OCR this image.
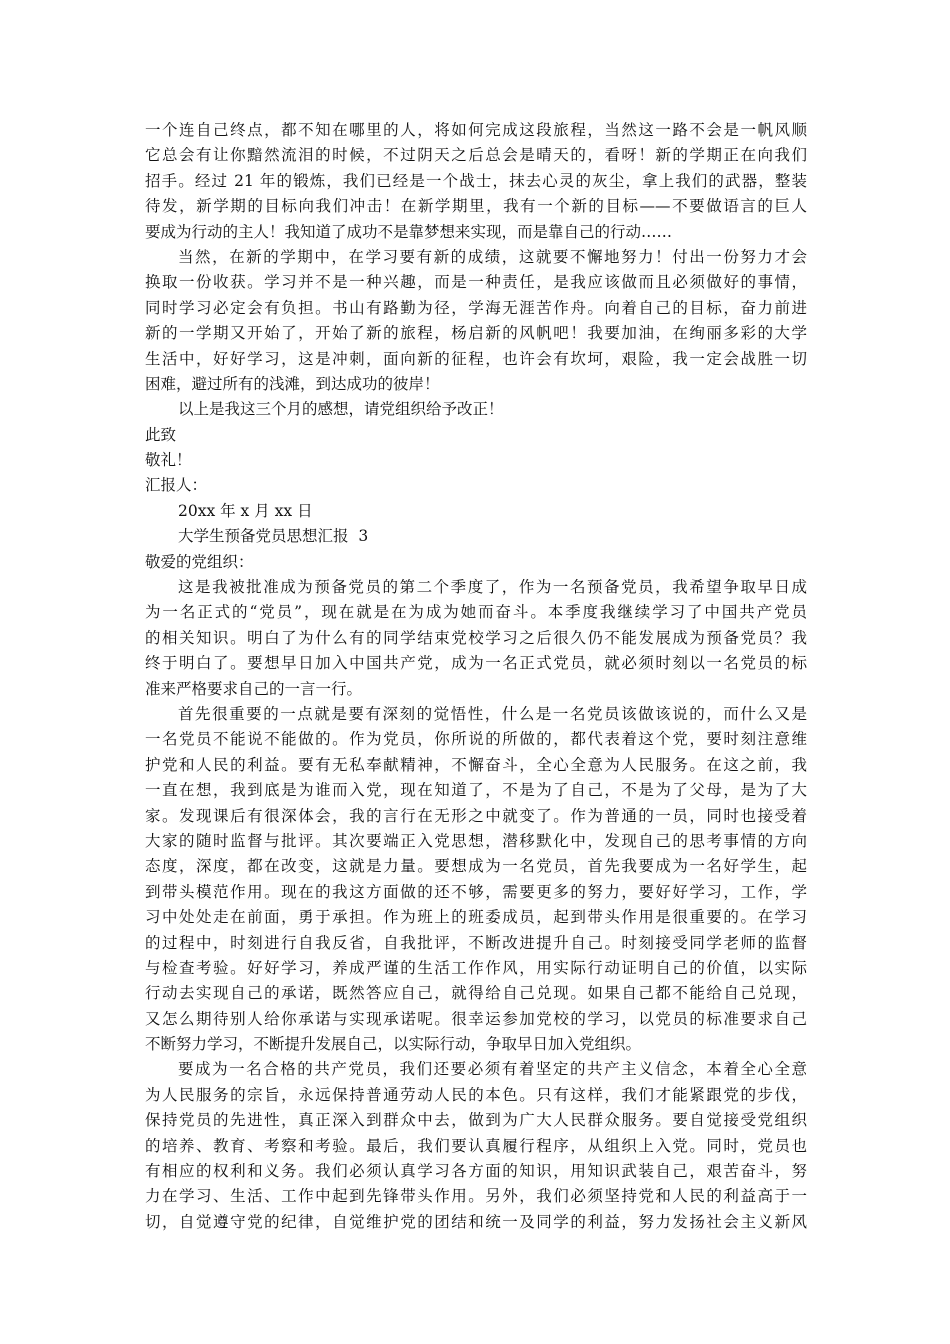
一个连自己终点，都不知在哪里的人，将如何完成这段旅程，当然这一路不会是一帆风顺
它总会有让你黯然流泪的时候，不过阴天之后总会是晴天的，看呀！新的学期正在向我们
招手。经过 21 年的锻炼，我们已经是一个战士，抹去心灵的灰尘，拿上我们的武器，整装
待发，新学期的目标向我们冲击！在新学期里，我有一个新的目标——不要做语言的巨人
要成为行动的主人！我知道了成功不是靠梦想来实现，而是靠自己的行动……
当然，在新的学期中，在学习要有新的成绩，这就要不懈地努力！付出一份努力才会
换取一份收获。学习并不是一种兴趣，而是一种责任，是我应该做而且必须做好的事情，
同时学习必定会有负担。书山有路勤为径，学海无涯苦作舟。向着自己的目标，奋力前进
新的一学期又开始了，开始了新的旅程，杨启新的风帆吧！我要加油，在绚丽多彩的大学
生活中，好好学习，这是冲刺，面向新的征程，也许会有坎坷，艰险，我一定会战胜一切
困难，避过所有的浅滩，到达成功的彼岸！
以上是我这三个月的感想，请党组织给予改正！
此致
敬礼！
汇报人：
20xx 年 x 月 xx 日
大学生预备党员思想汇报  3
敬爱的党组织：
这是我被批准成为预备党员的第二个季度了，作为一名预备党员，我希望争取早日成
为一名正式的“党员”，现在就是在为成为她而奋斗。本季度我继续学习了中国共产党员
的相关知识。明白了为什么有的同学结束党校学习之后很久仍不能发展成为预备党员？我
终于明白了。要想早日加入中国共产党，成为一名正式党员，就必须时刻以一名党员的标
准来严格要求自己的一言一行。
首先很重要的一点就是要有深刻的觉悟性，什么是一名党员该做该说的，而什么又是
一名党员不能说不能做的。作为党员，你所说的所做的，都代表着这个党，要时刻注意维
护党和人民的利益。要有无私奉献精神，不懈奋斗，全心全意为人民服务。在这之前，我
一直在想，我到底是为谁而入党，现在知道了，不是为了自己，不是为了父母，是为了大
家。发现课后有很深体会，我的言行在无形之中就变了。作为普通的一员，同时也接受着
大家的随时监督与批评。其次要端正入党思想，潜移默化中，发现自己的思考事情的方向
态度，深度，都在改变，这就是力量。要想成为一名党员，首先我要成为一名好学生，起
到带头模范作用。现在的我这方面做的还不够，需要更多的努力，要好好学习，工作，学
习中处处走在前面，勇于承担。作为班上的班委成员，起到带头作用是很重要的。在学习
的过程中，时刻进行自我反省，自我批评，不断改进提升自己。时刻接受同学老师的监督
与检查考验。好好学习，养成严谨的生活工作作风，用实际行动证明自己的价值，以实际
行动去实现自己的承诺，既然答应自己，就得给自己兑现。如果自己都不能给自己兑现，
又怎么期待别人给你承诺与实现承诺呢。很幸运参加党校的学习，以党员的标准要求自己
不断努力学习，不断提升发展自己，以实际行动，争取早日加入党组织。
要成为一名合格的共产党员，我们还要必须有着坚定的共产主义信念，本着全心全意
为人民服务的宗旨，永远保持普通劳动人民的本色。只有这样，我们才能紧跟党的步伐，
保持党员的先进性，真正深入到群众中去，做到为广大人民群众服务。要自觉接受党组织
的培养、教育、考察和考验。最后，我们要认真履行程序，从组织上入党。同时，党员也
有相应的权利和义务。我们必须认真学习各方面的知识，用知识武装自己，艰苦奋斗，努
力在学习、生活、工作中起到先锋带头作用。另外，我们必须坚持党和人民的利益高于一
切，自觉遵守党的纪律，自觉维护党的团结和统一及同学的利益，努力发扬社会主义新风
